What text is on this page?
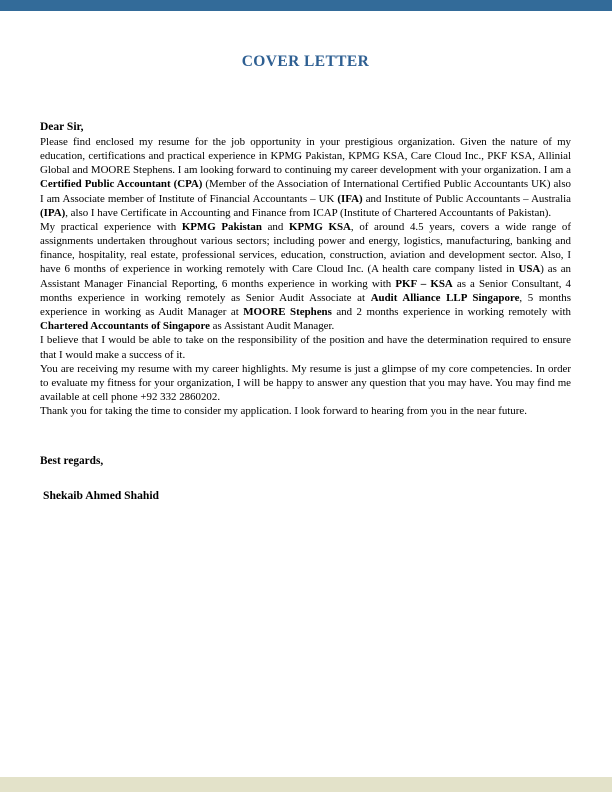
COVER LETTER
Dear Sir,

Please find enclosed my resume for the job opportunity in your prestigious organization. Given the nature of my education, certifications and practical experience in KPMG Pakistan, KPMG KSA, Care Cloud Inc., PKF KSA, Allinial Global and MOORE Stephens. I am looking forward to continuing my career development with your organization. I am a Certified Public Accountant (CPA) (Member of the Association of International Certified Public Accountants UK) also I am Associate member of Institute of Financial Accountants – UK (IFA) and Institute of Public Accountants – Australia (IPA), also I have Certificate in Accounting and Finance from ICAP (Institute of Chartered Accountants of Pakistan).

My practical experience with KPMG Pakistan and KPMG KSA, of around 4.5 years, covers a wide range of assignments undertaken throughout various sectors; including power and energy, logistics, manufacturing, banking and finance, hospitality, real estate, professional services, education, construction, aviation and development sector. Also, I have 6 months of experience in working remotely with Care Cloud Inc. (A health care company listed in USA) as an Assistant Manager Financial Reporting, 6 months experience in working with PKF – KSA as a Senior Consultant, 4 months experience in working remotely as Senior Audit Associate at Audit Alliance LLP Singapore, 5 months experience in working as Audit Manager at MOORE Stephens and 2 months experience in working remotely with Chartered Accountants of Singapore as Assistant Audit Manager.

I believe that I would be able to take on the responsibility of the position and have the determination required to ensure that I would make a success of it.

You are receiving my resume with my career highlights. My resume is just a glimpse of my core competencies. In order to evaluate my fitness for your organization, I will be happy to answer any question that you may have. You may find me available at cell phone +92 332 2860202.

Thank you for taking the time to consider my application. I look forward to hearing from you in the near future.

Best regards,
Shekaib Ahmed Shahid
